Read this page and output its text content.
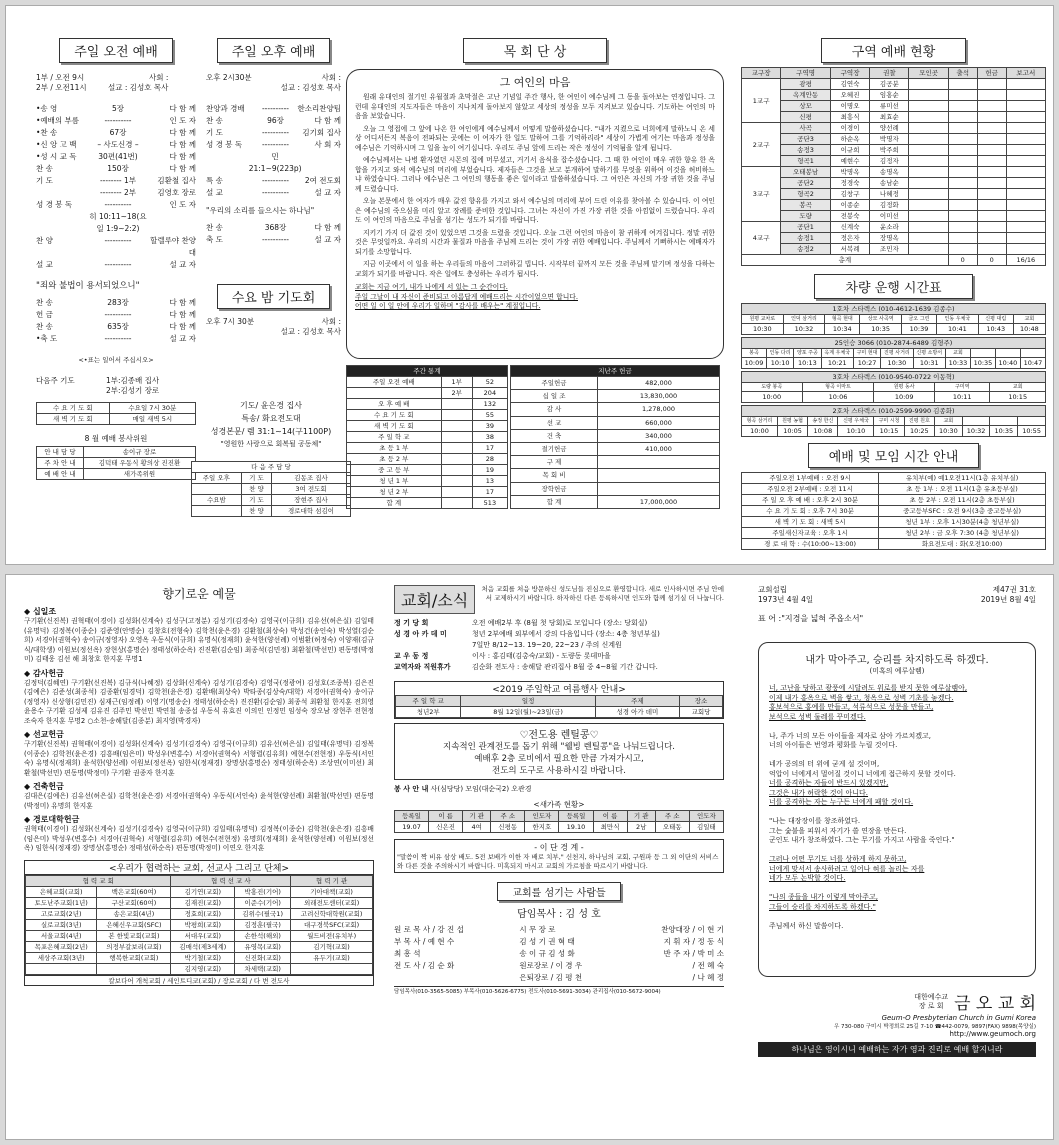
주일 오전 예배
1부 / 오전 9시
2부 / 오전11시
사회 :
설교 : 김성호 목사
•송 영	5장	다 함 께
•예배의 부름	----------	인 도 자
•찬 송	67장	다 함 께
•신 앙 고 백	– 사도신경 –	다 함 께
•성 시 교 독	30편(41번)	다 함 께
찬 송	150장	다 함 께
기 도	-------- 1부	김환철 집사
-------- 2부	김영호 장로
성 경 봉 독	----------	인 도 자
히 10:11~18(요일 1:9~2:2)
찬 양	----------	할렐루야 찬양대
설 교	----------	설 교 자
"죄와 불법이 용서되었으니"
찬 송	283장	다 함 께
헌 금	----------	다 함 께
찬 송	635장	다 함 께
•축 도	----------	설 교 자
<•표는 일어서 주십시오>
다음주 기도	1부:김종배 집사
2부:김성기 장로
수 요 기 도 회	수요일 7시 30분
새 벽 기 도 회	매일 새벽 5시
8 월 예배 봉사위원
안 내 담 당	송이규 장로
주 차 안 내	김덕태 우동식 황의상 진진환
예 배 안 내	새가족위원
주일 오후 예배
오후 2시30분	사회 :
설교 : 김성호 목사
찬양과 경배	----------	한소리찬양팀
찬 송	96장	다 함 께
기 도	----------	김기회 집사
성 경 봉 독	----------	사 회 자
민 21:1~9(223p)
특 송	----------	2여 전도회
설 교	----------	설 교 자
"우리의 소리를 들으시는 하나님"
찬 송	368장	다 함 께
축 도	----------	설 교 자
수요 밤 기도회
오후 7시 30분	사회 :
설교 : 김성호 목사
기도/ 윤은경 집사
특송/ 화요전도대
성경본문/ 렘 31:1~14(구1100P)
"영원한 사랑으로 회복될 공동체"
다 음 주 담 당		
주일 오후	기 도	김동조 집사
	찬 양	3여 전도회
수요밤	기 도	장현주 집사
	찬 양	경로대학 섬김이
목 회 단 상
그 여인의 마음
원래 유대인의 절기인 유월절과 초막절은 고난 기념일 주간 행사, 한 여인이 예수님께 그 동을 돌아보는 연정입니다. 그런데 유대인의 지도자들은 마음이 지나치게 돌아보지 않았고 세상의 정성을 모두 지켜보고 있습니다. 기도하는 여인의 마음을 보았습니다.
오늘 그 영접에 그 앞에 나온 한 여인에게 예수님께서 어떻게 말씀하셨습니다. "내가 지켰으로 너희에게 말하노니 온 세상 어디서든지 복음이 전파되는 곳에는 이 여자가 한 일도 말하여 그를 기억하리라" 세상이 가볍게 여기는 마음과 정성을 예수님은 기억하시며 그 일을 높이 여기십니다. 우리도 주님 앞에 드리는 작은 정성이 기억됨을 알게 됩니다.
예수님께서는 나병 환자였던 시몬의 집에 머무셨고, 거기서 음식을 잡수셨습니다. 그 때 한 여인이 매우 귀한 향유 한 옥합을 가지고 와서 예수님의 머리에 부었습니다. 제자들은 그것을 보고 분개하여 말하기를 무엇을 위하여 이것을 허비하느냐 하였습니다. 그러나 예수님은 그 여인의 행동을 좋은 일이라고 말씀하셨습니다. 그 여인은 자신의 가장 귀한 것을 주님께 드렸습니다.
오늘 본문에서 한 여자가 매우 값진 향유를 가지고 와서 예수님의 머리에 부어 드린 이유를 찾아볼 수 있습니다. 이 여인은 예수님의 죽으심을 미리 알고 장례를 준비한 것입니다. 그녀는 자신이 가진 가장 귀한 것을 아낌없이 드렸습니다. 우리도 이 여인의 마음으로 주님을 섬기는 성도가 되기를 바랍니다.
지키기 가지 더 값진 것이 있었으면 그것을 드렸을 것입니다. 오늘 그런 여인의 마음이 참 귀하게 여겨집니다. 정말 귀한 것은 무엇일까요. 우리의 시간과 물질과 마음을 주님께 드리는 것이 가장 귀한 예배입니다. 주님께서 기뻐하시는 예배자가 되기를 소망합니다.
지금 이곳에서 이 일을 하는 우리들의 마음이 그러하길 빕니다. 시작부터 끝까지 모든 것을 주님께 맡기며 정성을 다하는 교회가 되기를 바랍니다. 작은 일에도 충성하는 우리가 됩시다.
교회는 지금 여기, 내가 나에게 서 있는 그 순간이다.
주일 그날이 내 자신이 준비되고 아름답게 예배드리는 시간이었으면 합니다.
어떤 일 이 일 안에 우리가 일하며 "감사를 배우는" 계절입니다.
주간 통계		
주일 오전 예배	1부	52
	2부	204
오 후 예 배		132
수 요 기 도 회		55
새 벽 기 도 회		39
주 일 학 교		38
초 등 1 부		17
초 등 2 부		28
중 고 등 부		19
청 년 1 부		13
청 년 2 부		17
합 계		513
지난주 헌금	
주일헌금	482,000
십 일 조	13,830,000
감 사	1,278,000
선 교	660,000
건 축	340,000
절기헌금	410,000
구 제	
목 회 비	
장학헌금	
합 계	17,000,000
구역 예배 현황
교구장	구역명	구역장	권찰	모인곳	출석	헌금	보고서
1교구	광평	김연숙	김공분				
	옥계안동	오혜진	임홍순				
	상모	이명오	류미선				
	신평	최흥식	최효순				
2교구	사곡	이경이	양선례				
	공단3	하순옥	박명자				
	송정3	이규희	박주희				
	형곡1	예현수	김정자				
3교구	오태봉남	박명옥	송명옥				
	공단2	정경숙	송남순				
	형곡2	김창구	나혜정				
	봉곡	이종순	김정화				
	도량	전봉숙	이미선				
4교구	공단1	신계숙	윤소라				
	송정1	정은자	장명옥				
	송정2	서복례	조민자				
총계					0	0	16/16
차량 운행 시간표
1호차 스타렉스 (010-4612-1639 김종수)							
원평 교차로	인덕 삼거리	형곡 현대	상모 사곡역	금오 그린	인동 우체국	신평 대림	교회
10:30	10:32	10:34	10:35	10:39	10:41	10:43	10:48
25인승 3066 (010-2874-6489 김형주)										
봉곡	인동 다리	양포 주공	옥계 우체국	구미 현대	진평 사거리	신평 소방서	교회			
10:09	10:10	10:13	10:21	10:27	10:30	10:31	10:33	10:35	10:40	10:47
3호차 스타렉스 (010-9540-0722 이동혁)				
도량 봉곡	형곡 이마트	원평 동사	구미역	교회
10:00	10:06	10:09	10:11	10:15
2호차 스타렉스 (010-2599-9990 김종화)									
형곡 삼거리	원평 농협	송정 한신	신평 우체국	구미 시청	진평 원호	교회			
10:00	10:05	10:08	10:10	10:15	10:25	10:30	10:32	10:35	10:55
예배 및 모임 시간 안내
주일오전 1부예배 : 오전 9시	유치부(예) 예1오전11시(1층 유치부실)
주일오전 2부예배 : 오전 11시	초 등 1부 : 오전 11시(1층 유초등부실)
주 일 오 후 예 배 : 오후 2시 30분	초 등 2부 : 오전 11시(2층 초등부실)
수 요 기 도 회 : 오후 7시 30분	중고등부SFC : 오전 9시(3층 중고등부실)
새 벽 기 도 회 : 새벽 5시	청년 1부 : 오후 1시30분(4층 청년부실)
주일새신자교육 : 오후 1시	청년 2부 : 금 오후 7:30 (4층 청년부실)
경 로 대 학 : 수(10:00~13:00)	화요전도대 : 화(오전10:00)
향기로운 예물
◆ 십일조
구기환(신진복) 권혁태(이경이) 김성화(신계숙) 김성구(고정분) 김성기(김경숙) 김영국(이규희) 김유선(허은실) 김일태(유명덕) 김정복(이종순) 김준영(안명순) 김창호(전형숙) 김학천(윤은경) 김환철(최상숙) 박성건(송인숙) 박성열(김순희) 서경아(권혁숙) 송이규(정영자) 오영옥 우동식(이규희) 유명식(정재희) 윤석한(양선례) 이범환(허정숙) 이양재(김규식/대학생) 이원보(정선옥) 장현상(홍명순) 정태성(하순옥) 진진환(김순임) 최종석(김민정) 최환철(박선민) 편동명(박정미) 김태웅 김선 해 최창호 한지훈 무명1
◆ 감사헌금
김정덕(김혜연) 구기환(신진복) 김규식(나혜정) 김상화(신계숙) 김성기(김경숙) 김영국(정광여) 김성호(조종복) 김은진(김예은) 김준성(최종석) 김종환(임경덕) 김학천(윤은경) 김환배(최상숙) 박타종(김상숙/대학) 서경아(권혁숙) 송이규(정영자) 신상형(김민진) 심재근(임정례) 이영기(명송순) 정태성(하순옥) 진진환(김순임) 최종석 최환철 한지훈 전희영 윤용수 구기환 김성제 김유진 김주민 박선민 박연철 송종섭 우동식 유효진 이의인 인정민 임성숙 장오남 장현주 전현정 조숙자 한지훈 무명2 ○소천-송해달(김종분) 최지영(박경자)
◆ 선교헌금
구기환(신진복) 권혁태(이경이) 김성화(신계숙) 김성기(김경숙) 김영국(이규희) 김유선(허은실) 김일태(유명덕) 김정복(이종순) 김학천(윤은경) 김흥배(임은미) 박성우(변홍수) 서경아(권혁숙) 서형렬(김유희) 예현수(전현정) 우동식(서인숙) 유명식(정재희) 윤석한(양선례) 이원보(정선옥) 임한식(정재경) 장명상(홍명순) 정태성(하순옥) 조상연(이미선) 최환철(박선민) 편동명(박정미) 구기환 권종자 한지훈
◆ 건축헌금
김대은(김예은) 김유선(허은실) 김학천(윤은경) 서경아(권혁숙) 우동식(서인숙) 윤석한(양선례) 최환철(박선민) 편동명(박정미) 유명희 한지훈
◆ 경로대학헌금
권혁태(이경이) 김성화(신계숙) 김성기(김경숙) 김영국(이규희) 김일태(유명덕) 김정복(이종순) 김학천(윤은경) 김흥배(임은미) 박성우(변홍수) 서경아(권혁숙) 서형렬(김유희) 예현수(전현정) 유명희(정재희) 윤석한(양선례) 이원보(정선옥) 임한식(정재경) 장명상(홍명순) 정태성(하순옥) 편동명(박정미) 이연오 한지훈
<우리가 협력하는 교회, 선교사 그리고 단체>
협 력 교 회		협 력 선 교 사		협 력 기 관
은혜교회(교회)	백은교회(60여)	김기연(교회)	박홍진(기어)	기아대책(교회)
토도난주교회(1년)	구산교회(60여)	김재진(교회)	이준수(기어)	외래전도센터(교회)
고로교회(2년)	송은교회(4년)	정효희(교회)	김위수(필국1)	고려신학대학원(교회)
실로교회(3년)	은혜신우교회(SFC)	박평희(교회)	김정훈(필국)	대구경북SFC(교회)
서울교회(4년)	본 한빛교회(교회)	서대우(교회)	손한석(해외)	월드비전(유치부)
목포은혜교회(2년)	의정부갈보리(교회)	김매석(제3세계)	유영목(교회)	김기혁(교회)
세상주교회(3년)	행복한교회(교회)	박기철(교회)	신진화(교회)	유두기(교회)
		김지영(교회)	차세택(교회)	
칼보다어 개척교회 / 세인트디코(교회) / 장로교회 / 다 변 전도사
교회/소식
처음 교회를 처음 방문하신 성도님들 진심으로 환영합니다. 새로 인사하시면 주님 안에서 교제하시기 바랍니다. 하자하신 다른 등록하시면 인도와 함께 섬기실 더 나눕니다.
정 기 당 회	오전 예배2부 후 (8월 첫 당회)로 모입니다 (장소: 당회실)
성 경 아 카 데 미	청년 2부예배 외부에서 강의 다음입니다 (장소: 4층 청년부실)
7일만 8/12~13. 19~20, 22~23 / 주의 신계원
교 우 동 정	이사 : 홍김태(김총숙/교회) - 도량동 롯데마을
교역자와 직원휴가	김순화 전도사 : 송해달 관리집사 8월 중 4~8월 기간 갑니다.
<2019 주일학교 여름행사 안내>
주 일 학 교	일정	주제	장소
청년2부	8월 12일(월)~23일(금)	성경 아가 데미	교회당
♡전도용 렌틸콩♡
지속적인 관계전도를 돕기 위해 "웰빙 렌틸콩"을 나눠드립니다.
예배후 2층 로비에서 필요한 만큼 가져가시고,
전도의 도구로 사용하시길 바랍니다.
봉 사 안 내 사(심당당) 모임(대순국2) 오관경
<새가족 현황>
등록일	이 름	기 관	주 소	인도자	등록일	이 름	기 관	주 소	인도자
19.07	신은진	4여	신평동	한지호	19.10	최만식	2남	오태동	김일태
- 이 단 경 계 -
"말씀이 짝 비유 삼상 배도. 5전 보배가 이한 자 배로 치부," 신천지, 하나님의 교회, 구원파 등 그 외 이단의 서비스와 다른 것을 주의하시기 바랍니다. 미혹되지 마시고 교회의 가르침을 따르시기 바랍니다.
교회를 섬기는 사람들
담임목사 : 김 성 호
원 로 목 사 / 강 진 섭	시 무 장 로	찬양대장 / 이 현 기
부 목 사 / 예 현 수	김 성 기 권 혁 태	지 휘 자 / 정 동 식
최 흥 석	송 이 규 김 성 화	반 주 자 / 박 미 소
전 도 사 / 김 순 화	원로장로 / 이 경 우	/ 전 혜 숙
은퇴장로 / 김 평 천	/ 나 혜 정
담임목사(010-3565-5085) 부목사(010-5626-6775) 전도사(010-5691-3034) 관리집사(010-5672-9004)
교회설립
1973년 4월 4일
제47권 31호
2019년 8월 4일
표 어 :"지경을 넓혀 주옵소서"
내가 막아주고, 승리를 차지하도록 하겠다.
(미혹의 예루살렘)
너, 고난을 당하고 광풍에 시달려도 위로를 받지 못한 예루살렘아,
이제 내가 홍옥으로 벽을 쌓고, 청옥으로 성벽 기초를 놓겠다.
홍보석으로 홍예를 만들고, 석류석으로 성문을 만들고,
보석으로 성벽 둘레를 꾸미겠다.

나, 주가 너의 모든 아이들을 제자로 삼아 가르치겠고,
너의 아이들은 번영과 평화를 누릴 것이다.

네가 공의의 터 위에 굳게 설 것이며,
억압이 너에게서 멀어질 것이니 너에게 접근하지 못할 것이다.
너를 공격하는 자들이 반드시 있겠지만,
그것은 내가 허락한 것이 아니다.
너를 공격하는 자는 누구든 너에게 패할 것이다.

"나는 대장장이를 창조하였다.
그는 숯불을 피워서 자기가 쓸 연장을 만든다.
군인도 내가 창조하였다. 그는 무기를 가지고 사람을 죽인다."

그러나 어떤 무기도 너를 상하게 하지 못하고,
너에게 맞서서 송사하려고 일어나 혀를 놀리는 자를
네가 모두 논박할 것이다.

"나의 종들을 내가 이렇게 막아주고,
그들이 승리를 차지하도록 하겠다."

주님께서 하신 말씀이다.
대한예수교
장 로 회 금 오 교 회
Geum-O Presbyterian Church in Gumi Korea
우 730-080 구미시 박정희로 25길 7-10 ☎442-0079, 9897(FAX) 9898(목양실)
http://www.geumoch.org
하나님은 영이시니 예배하는 자가 영과 진리로 예배 할지니라
